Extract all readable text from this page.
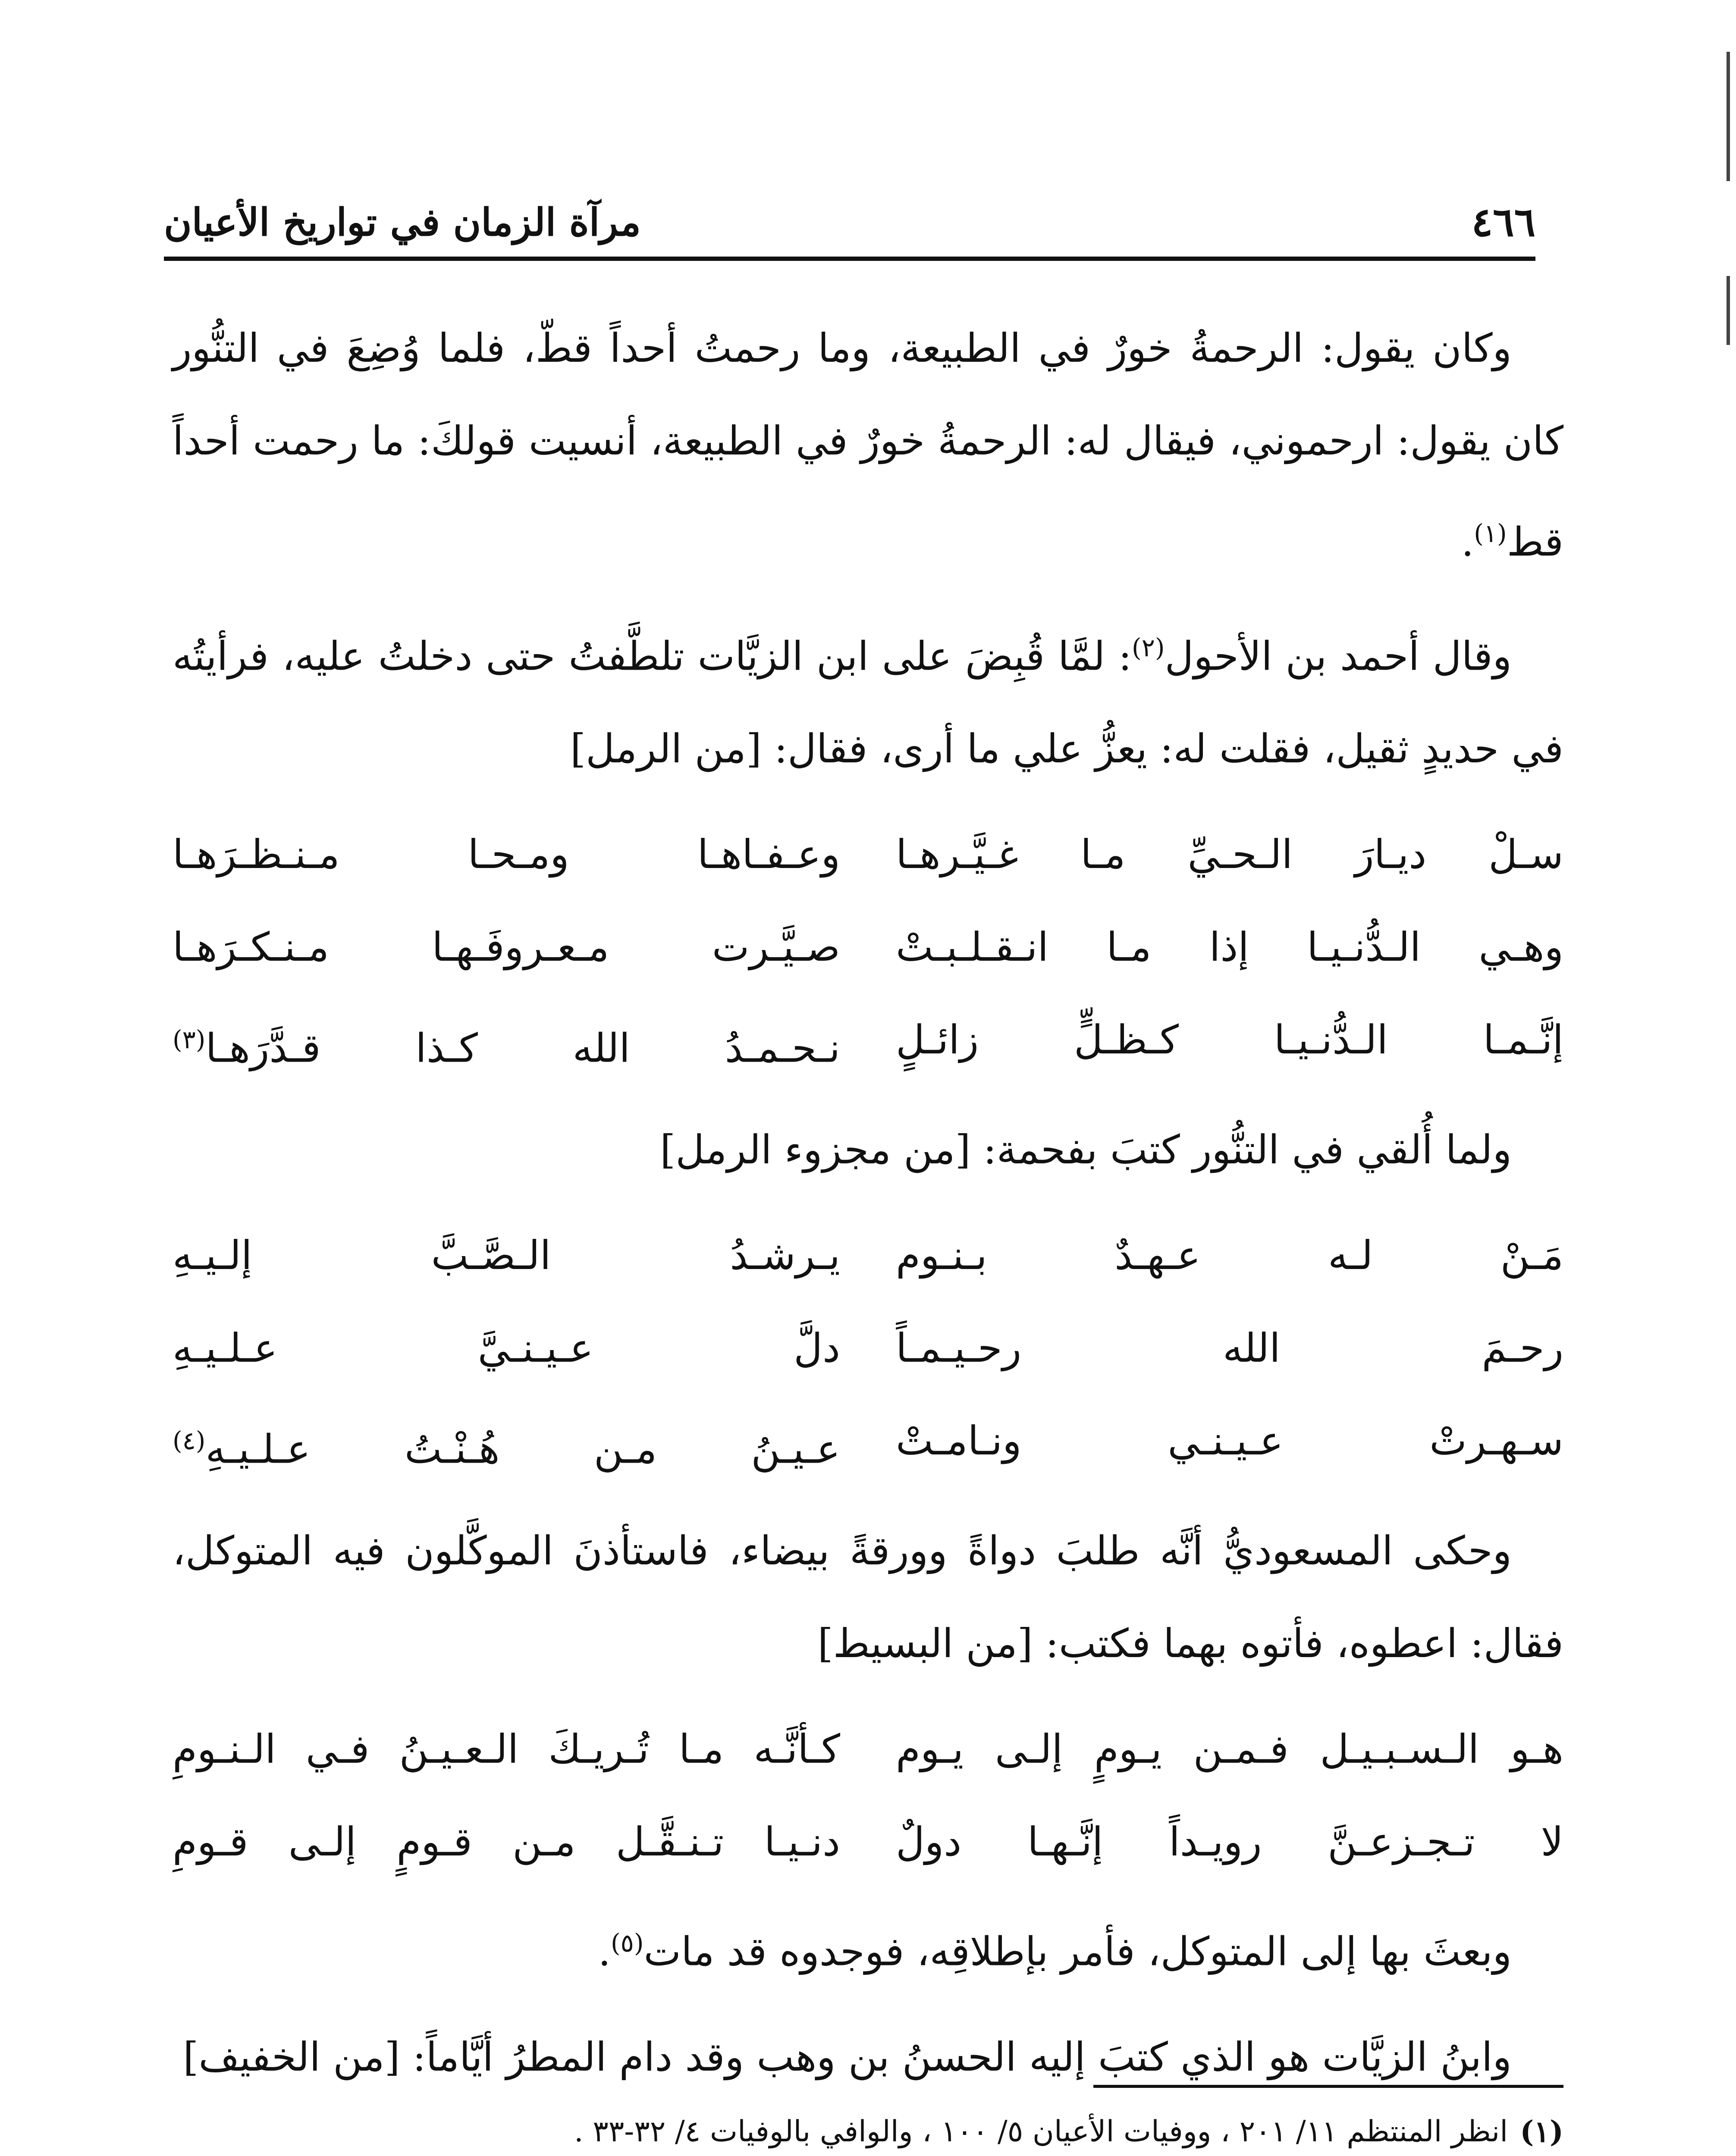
٤٦٦
مرآة الزمان في تواريخ الأعيان

وكان يقول: الرحمةُ خورٌ في الطبيعة، وما رحمتُ أحداً قطّ، فلما وُضِعَ في التنُّور كان يقول: ارحموني، فيقال له: الرحمةُ خورٌ في الطبيعة، أنسيت قولكَ: ما رحمت أحداً قط$^{(١)}$.

وقال أحمد بن الأحول$^{(٢)}$: لمَّا قُبِضَ على ابن الزيَّات تلطَّفتُ حتى دخلتُ عليه، فرأيتُه في حديدٍ ثقيل، فقلت له: يعزُّ علي ما أرى، فقال: [من الرمل]

سـلْ ديـارَ الـحـيِّ مـا غـيَّـرهـا
وعـفـاهـا ومـحـا مـنـظـرَهـا
وهـي الـدُّنـيـا إذا مـا انـقـلـبـتْ
صـيَّـرت مـعـروفَـهـا مـنـكـرَهـا
إنَّـمـا الـدُّنـيـا كـظـلٍّ زائـلٍ
نـحـمـدُ الله كـذا قـدَّرَهـا$^{(٣)}$

ولما أُلقي في التنُّور كتبَ بفحمة: [من مجزوء الرمل]

مَـنْ لـه عـهـدٌ بـنـوم
يـرشـدُ الـصَّـبَّ إلـيـهِ
رحـمَ الله رحـيـمـاً
دلَّ عـيـنـيَّ عـلـيـهِ
سـهـرتْ عـيـنـي ونـامـتْ
عـيـنُ مـن هُـنْـتُ عـلـيـهِ$^{(٤)}$

وحكى المسعوديُّ أنَّه طلبَ دواةً وورقةً بيضاء، فاستأذنَ الموكَّلون فيه المتوكل، فقال: اعطوه، فأتوه بهما فكتب: [من البسيط]

هـو الـسـبـيـل فـمـن يـومٍ إلـى يـوم
كـأنَّـه مـا تُـريـكَ الـعـيـنُ فـي الـنـومِ
لا تـجـزعـنَّ رويـداً إنَّـهـا دولٌ
دنـيـا تـنـقَّـل مـن قـومٍ إلـى قـومِ

وبعثَ بها إلى المتوكل، فأمر بإطلاقِه، فوجدوه قد مات$^{(٥)}$.

وابنُ الزيَّات هو الذي كتبَ إليه الحسنُ بن وهب وقد دام المطرُ أيَّاماً: [من الخفيف]

(١)
انظر المنتظم ١١/ ٢٠١ ، ووفيات الأعيان ٥/ ١٠٠ ، والوافي بالوفيات ٤/ ٣٢-٣٣ .
